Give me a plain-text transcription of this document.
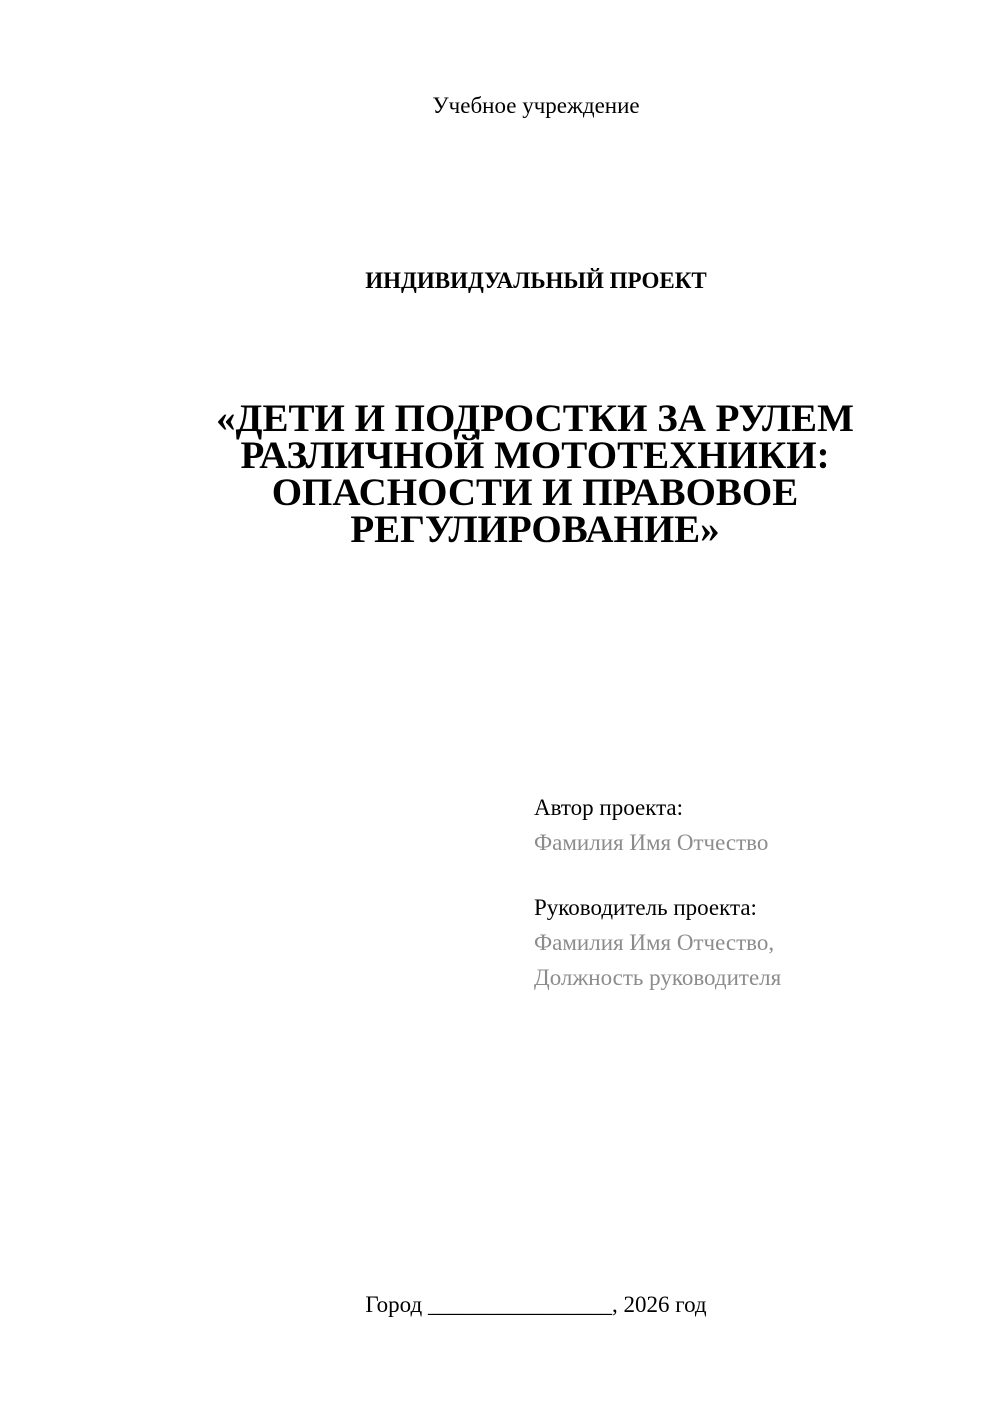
Учебное учреждение
ИНДИВИДУАЛЬНЫЙ ПРОЕКТ
«ДЕТИ И ПОДРОСТКИ ЗА РУЛЕМ
РАЗЛИЧНОЙ МОТОТЕХНИКИ:
ОПАСНОСТИ И ПРАВОВОЕ
РЕГУЛИРОВАНИЕ»
Автор проекта:
Фамилия Имя Отчество
Руководитель проекта:
Фамилия Имя Отчество,
Должность руководителя
Город ________________, 2026 год
